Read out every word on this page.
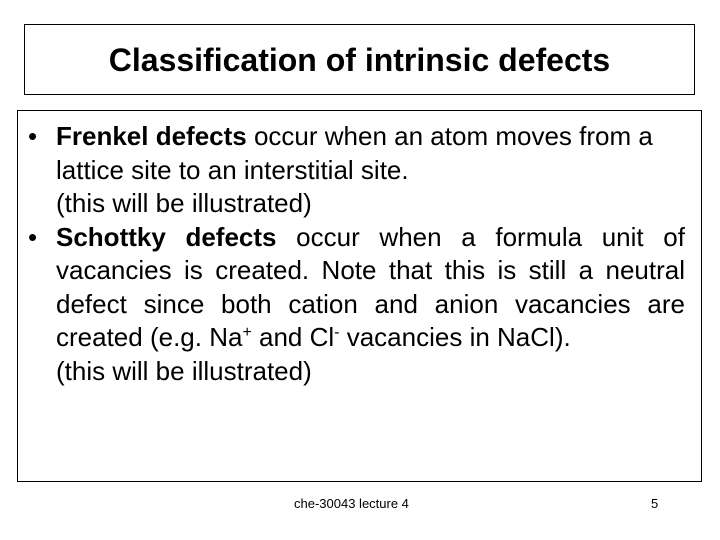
Classification of intrinsic defects
• Frenkel defects occur when an atom moves from a lattice site to an interstitial site.
(this will be illustrated)
• Schottky defects occur when a formula unit of vacancies is created. Note that this is still a neutral defect since both cation and anion vacancies are created (e.g. Na+ and Cl- vacancies in NaCl).
(this will be illustrated)
che-30043 lecture 4	5
